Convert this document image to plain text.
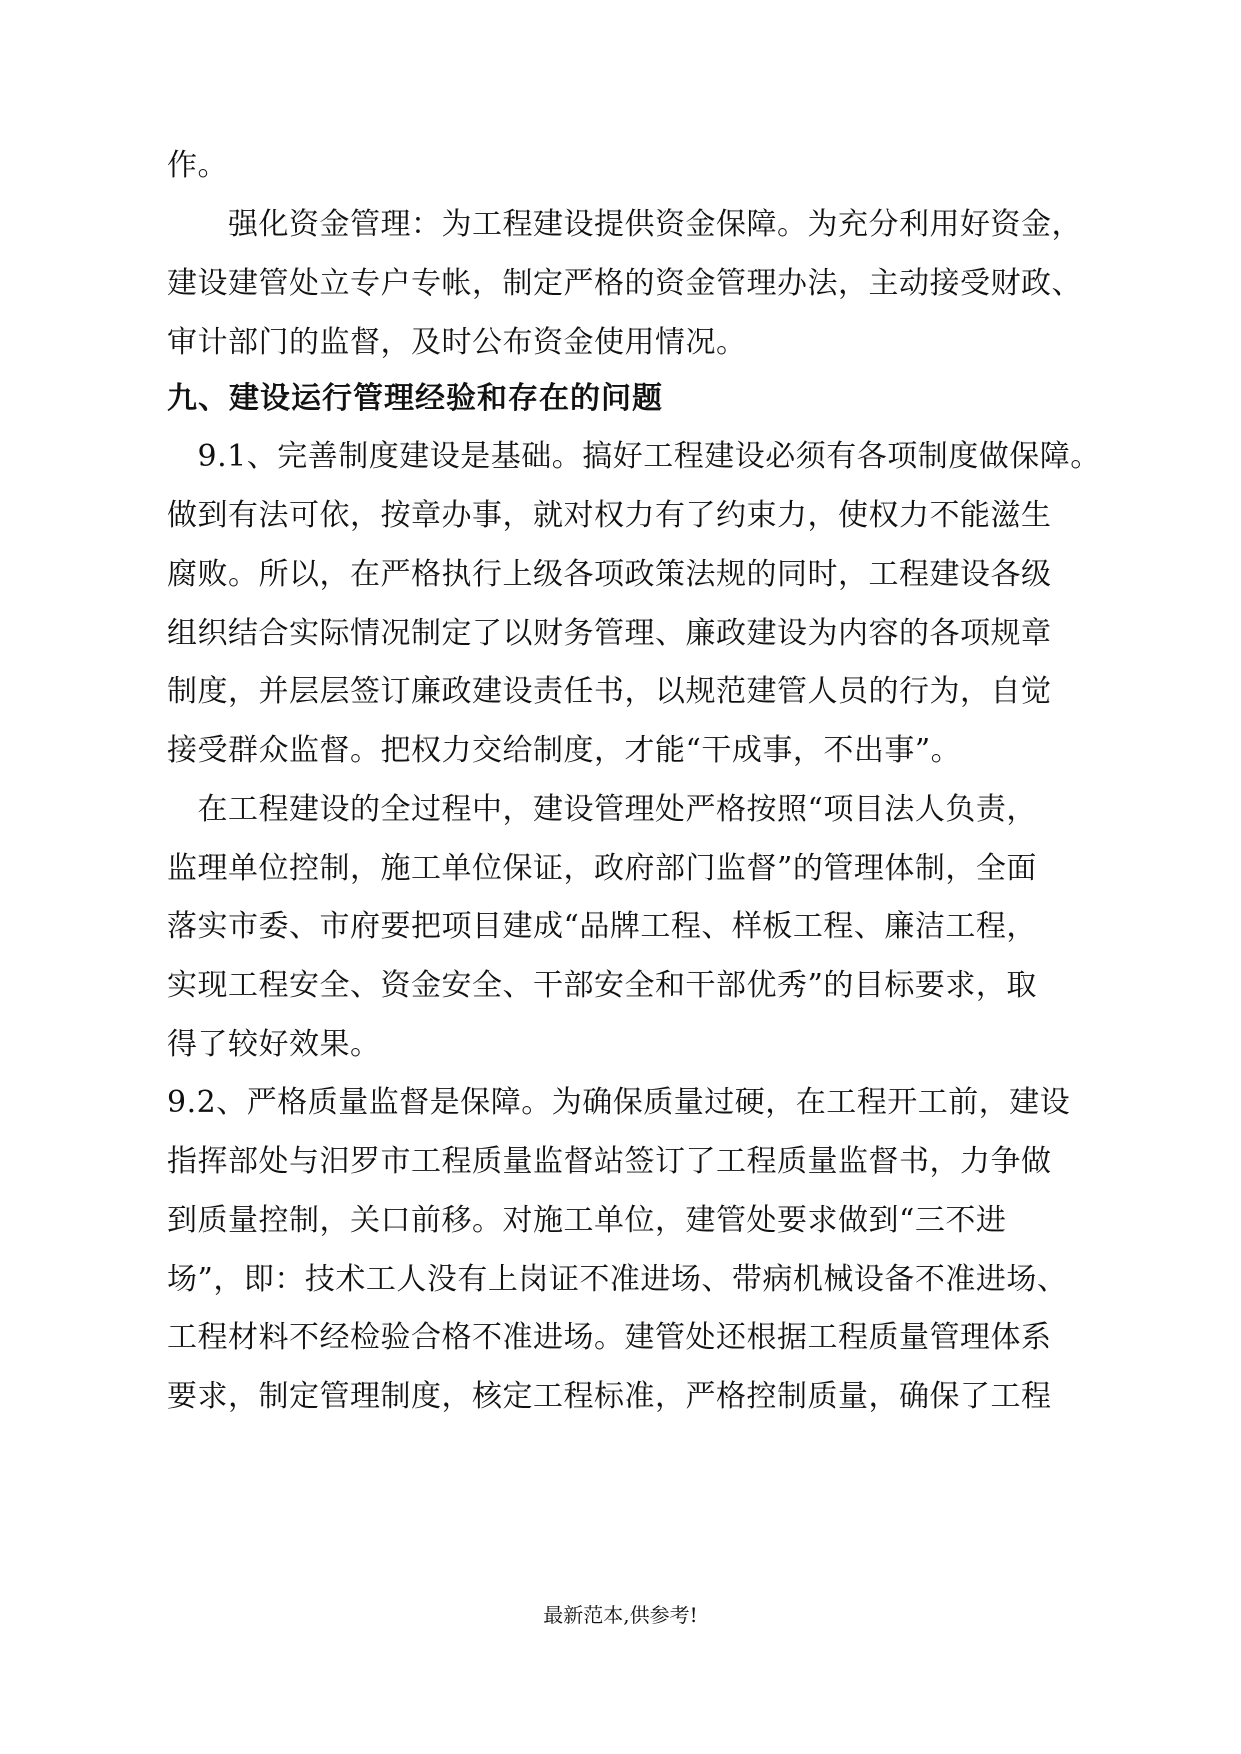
作。
　　强化资金管理：为工程建设提供资金保障。为充分利用好资金，
建设建管处立专户专帐，制定严格的资金管理办法，主动接受财政、
审计部门的监督，及时公布资金使用情况。
九、建设运行管理经验和存在的问题
　9.1、完善制度建设是基础。搞好工程建设必须有各项制度做保障。
做到有法可依，按章办事，就对权力有了约束力，使权力不能滋生
腐败。所以，在严格执行上级各项政策法规的同时，工程建设各级
组织结合实际情况制定了以财务管理、廉政建设为内容的各项规章
制度，并层层签订廉政建设责任书，以规范建管人员的行为，自觉
接受群众监督。把权力交给制度，才能“干成事，不出事”。
　在工程建设的全过程中，建设管理处严格按照“项目法人负责，
监理单位控制，施工单位保证，政府部门监督”的管理体制，全面
落实市委、市府要把项目建成“品牌工程、样板工程、廉洁工程，
实现工程安全、资金安全、干部安全和干部优秀”的目标要求，取
得了较好效果。
9.2、严格质量监督是保障。为确保质量过硬，在工程开工前，建设
指挥部处与汨罗市工程质量监督站签订了工程质量监督书，力争做
到质量控制，关口前移。对施工单位，建管处要求做到“三不进
场”，即：技术工人没有上岗证不准进场、带病机械设备不准进场、
工程材料不经检验合格不准进场。建管处还根据工程质量管理体系
要求，制定管理制度，核定工程标准，严格控制质量，确保了工程
最新范本,供参考!
